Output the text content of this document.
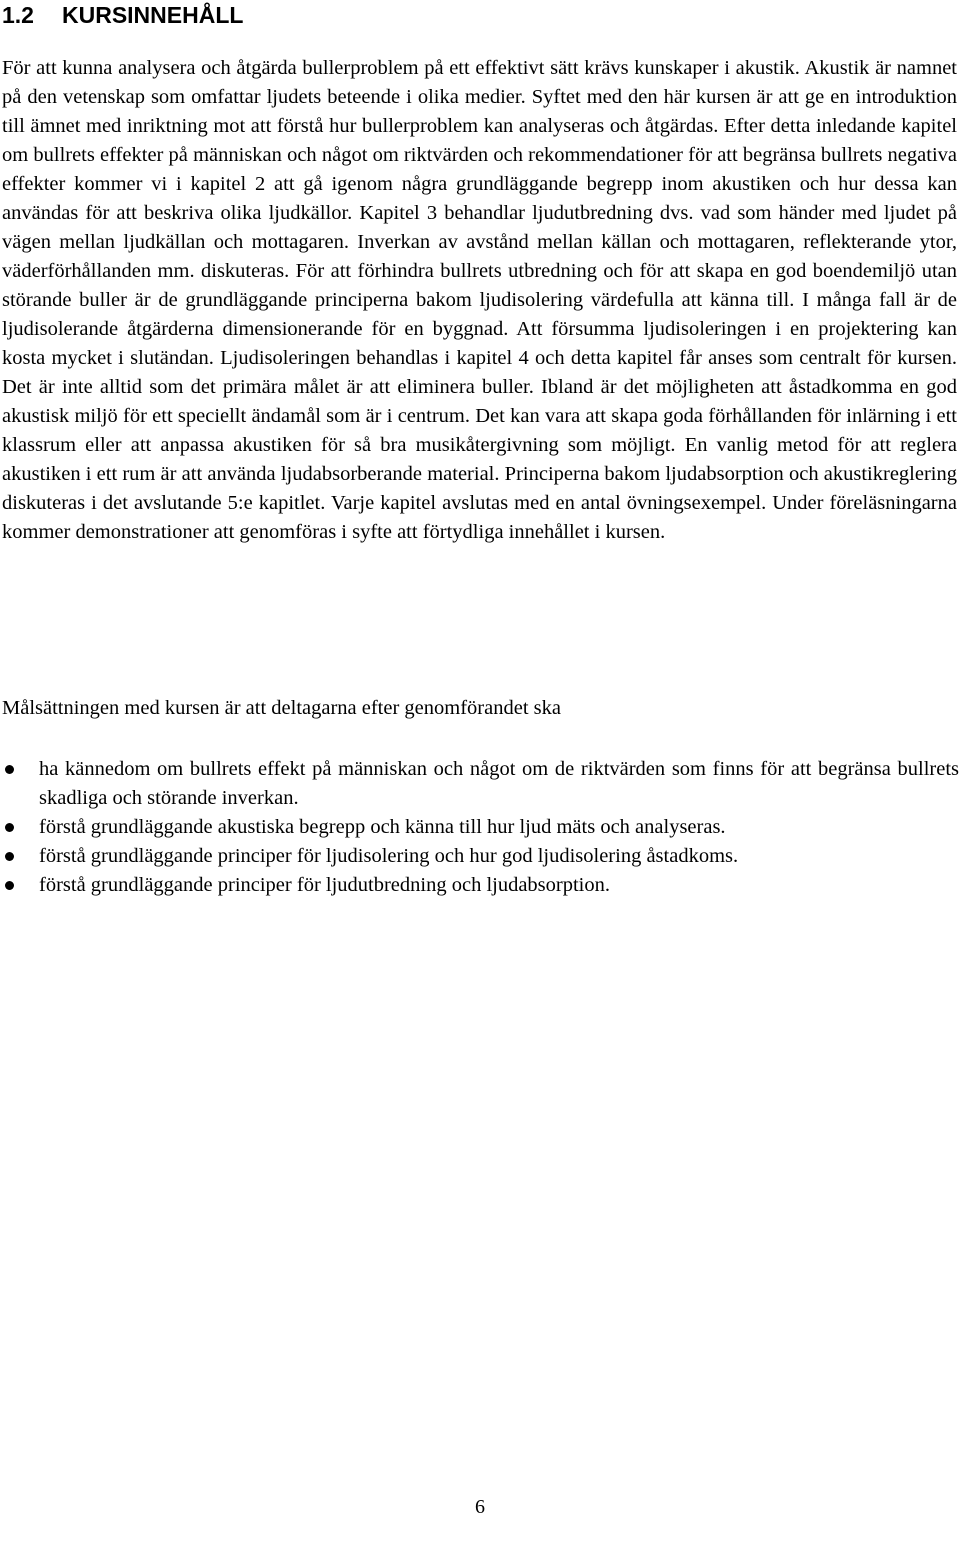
1.2 KURSINNEHÅLL

För att kunna analysera och åtgärda bullerproblem på ett effektivt sätt krävs kunskaper i akustik. Akustik är namnet på den vetenskap som omfattar ljudets beteende i olika medier. Syftet med den här kursen är att ge en introduktion till ämnet med inriktning mot att förstå hur bullerproblem kan analyseras och åtgärdas. Efter detta inledande kapitel om bullrets effekter på människan och något om riktvärden och rekommendationer för att begränsa bullrets negativa effekter kommer vi i kapitel 2 att gå igenom några grundläggande begrepp inom akustiken och hur dessa kan användas för att beskriva olika ljudkällor. Kapitel 3 behandlar ljudutbredning dvs. vad som händer med ljudet på vägen mellan ljudkällan och mottagaren. Inverkan av avstånd mellan källan och mottagaren, reflekterande ytor, väderförhållanden mm. diskuteras. För att förhindra bullrets utbredning och för att skapa en god boendemiljö utan störande buller är de grundläggande principerna bakom ljudisolering värdefulla att känna till. I många fall är de ljudisolerande åtgärderna dimensionerande för en byggnad. Att försumma ljudisoleringen i en projektering kan kosta mycket i slutändan. Ljudisoleringen behandlas i kapitel 4 och detta kapitel får anses som centralt för kursen. Det är inte alltid som det primära målet är att eliminera buller. Ibland är det möjligheten att åstadkomma en god akustisk miljö för ett speciellt ändamål som är i centrum. Det kan vara att skapa goda förhållanden för inlärning i ett klassrum eller att anpassa akustiken för så bra musikåtergivning som möjligt. En vanlig metod för att reglera akustiken i ett rum är att använda ljudabsorberande material. Principerna bakom ljudabsorption och akustikreglering diskuteras i det avslutande 5:e kapitlet. Varje kapitel avslutas med en antal övningsexempel. Under föreläsningarna kommer demonstrationer att genomföras i syfte att förtydliga innehållet i kursen.

Målsättningen med kursen är att deltagarna efter genomförandet ska

ha kännedom om bullrets effekt på människan och något om de riktvärden som finns för att begränsa bullrets skadliga och störande inverkan.
förstå grundläggande akustiska begrepp och känna till hur ljud mäts och analyseras.
förstå grundläggande principer för ljudisolering och hur god ljudisolering åstadkoms.
förstå grundläggande principer för ljudutbredning och ljudabsorption.

6
